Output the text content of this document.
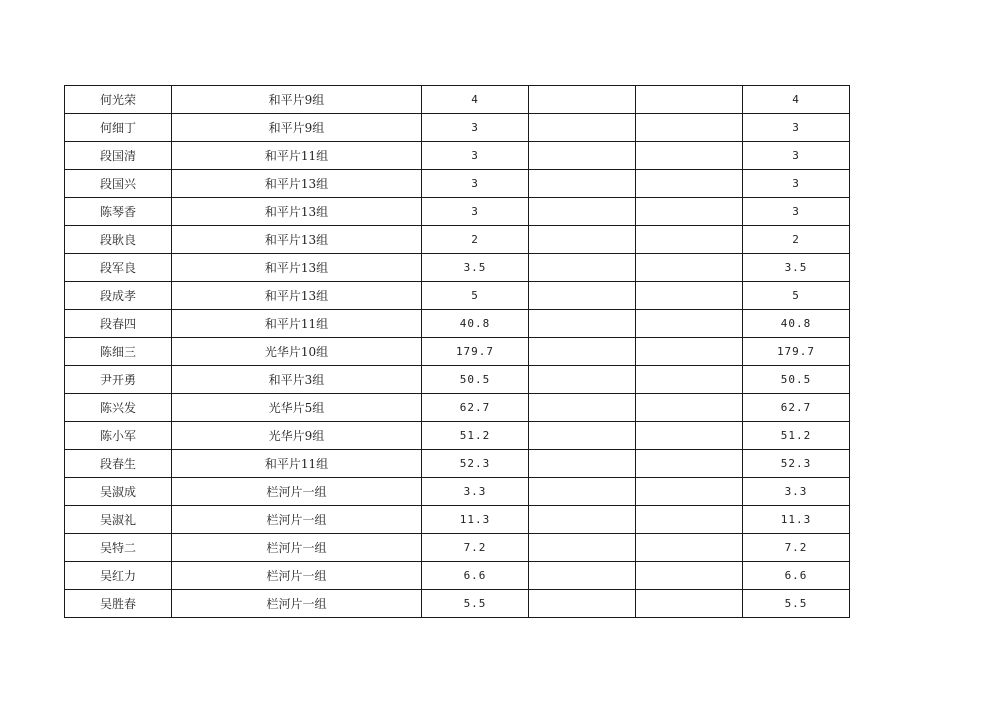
何光荣	和平片9组	4			4
何细丁	和平片9组	3			3
段国清	和平片11组	3			3
段国兴	和平片13组	3			3
陈琴香	和平片13组	3			3
段耿良	和平片13组	2			2
段军良	和平片13组	3.5			3.5
段成孝	和平片13组	5			5
段春四	和平片11组	40.8			40.8
陈细三	光华片10组	179.7			179.7
尹开勇	和平片3组	50.5			50.5
陈兴发	光华片5组	62.7			62.7
陈小军	光华片9组	51.2			51.2
段春生	和平片11组	52.3			52.3
吴淑成	栏河片一组	3.3			3.3
吴淑礼	栏河片一组	11.3			11.3
吴特二	栏河片一组	7.2			7.2
吴红力	栏河片一组	6.6			6.6
吴胜春	栏河片一组	5.5			5.5
